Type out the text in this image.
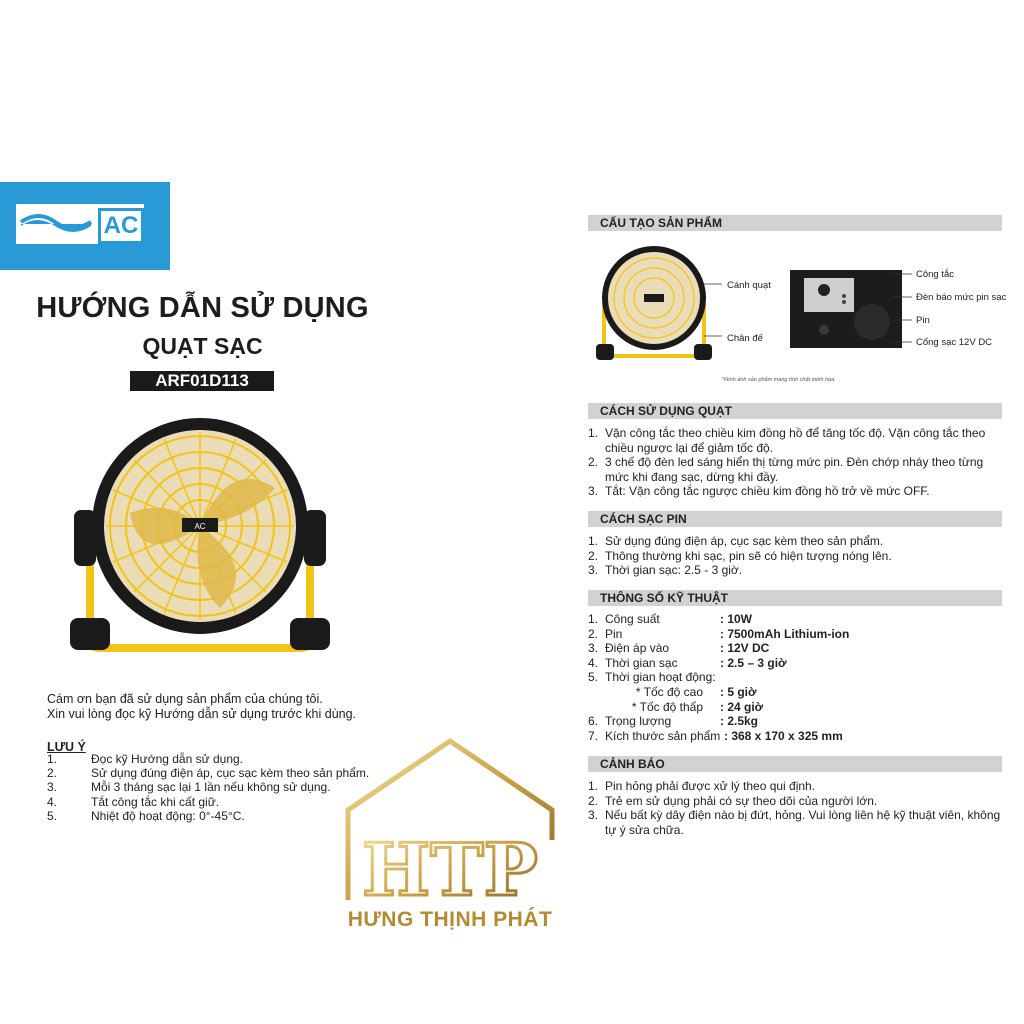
AC
HƯỚNG DẪN SỬ DỤNG
QUẠT SẠC
ARF01D113
AC
Cám ơn bạn đã sử dụng sản phẩm của chúng tôi.
Xin vui lòng đọc kỹ Hướng dẫn sử dụng trước khi dùng.
LƯU Ý
1.	Đọc kỹ Hướng dẫn sử dụng.
2.	Sử dụng đúng điện áp, cục sạc kèm theo sản phẩm.
3.	Mỗi 3 tháng sạc lại 1 lần nếu không sử dụng.
4.	Tắt công tắc khi cất giữ.
5.	Nhiệt độ hoạt động: 0°-45°C.
HTP
HƯNG THỊNH PHÁT
CẤU TẠO SẢN PHẨM
Cánh quạt
Chân đế
Công tắc
Đèn báo mức pin sạc
Pin
Cổng sạc 12V DC
*Hình ảnh sản phẩm mang tính chất minh họa.
CÁCH SỬ DỤNG QUẠT
1. Vặn công tắc theo chiều kim đồng hồ để tăng tốc độ. Vặn công tắc theo chiều ngược lại để giảm tốc độ.
2. 3 chế độ đèn led sáng hiển thị từng mức pin. Đèn chớp nháy theo từng mức khi đang sạc, dừng khi đầy.
3. Tắt: Vặn công tắc ngược chiều kim đồng hồ trở về mức OFF.
CÁCH SẠC PIN
1. Sử dụng đúng điện áp, cục sạc kèm theo sản phẩm.
2. Thông thường khi sạc, pin sẽ có hiện tượng nóng lên.
3. Thời gian sạc: 2.5 - 3 giờ.
THÔNG SỐ KỸ THUẬT
1. Công suất	: 10W
2. Pin	: 7500mAh Lithium-ion
3. Điện áp vào	: 12V DC
4. Thời gian sạc	: 2.5 – 3 giờ
5. Thời gian hoạt động:
* Tốc độ cao	: 5 giờ
* Tốc độ thấp	: 24 giờ
6. Trọng lượng	: 2.5kg
7. Kích thước sản phẩm : 368 x 170 x 325 mm
CẢNH BÁO
1. Pin hỏng phải được xử lý theo qui định.
2. Trẻ em sử dụng phải có sự theo dõi của người lớn.
3. Nếu bất kỳ dây điện nào bị đứt, hỏng. Vui lòng liên hệ kỹ thuật viên, không tự ý sửa chữa.
